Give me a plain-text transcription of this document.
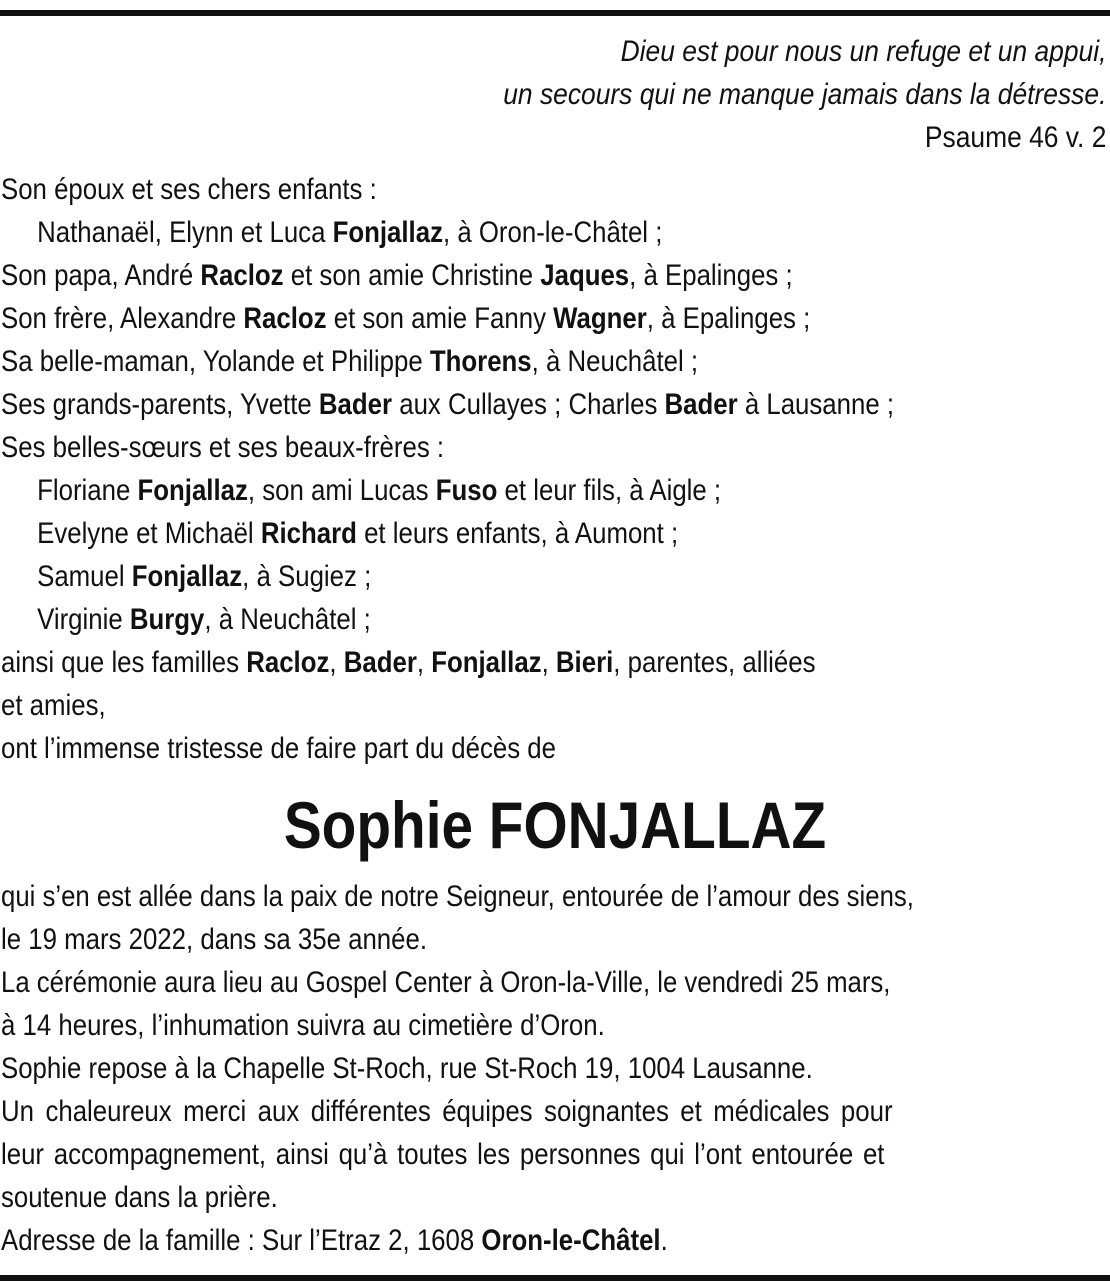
Dieu est pour nous un refuge et un appui,
un secours qui ne manque jamais dans la détresse.
Psaume 46 v. 2
Son époux et ses chers enfants :
Nathanaël, Elynn et Luca Fonjallaz, à Oron-le-Châtel ;
Son papa, André Racloz et son amie Christine Jaques, à Epalinges ;
Son frère, Alexandre Racloz et son amie Fanny Wagner, à Epalinges ;
Sa belle-maman, Yolande et Philippe Thorens, à Neuchâtel ;
Ses grands-parents, Yvette Bader aux Cullayes ; Charles Bader à Lausanne ;
Ses belles-sœurs et ses beaux-frères :
Floriane Fonjallaz, son ami Lucas Fuso et leur fils, à Aigle ;
Evelyne et Michaël Richard et leurs enfants, à Aumont ;
Samuel Fonjallaz, à Sugiez ;
Virginie Burgy, à Neuchâtel ;
ainsi que les familles Racloz, Bader, Fonjallaz, Bieri, parentes, alliées
et amies,
ont l’immense tristesse de faire part du décès de
Sophie FONJALLAZ
qui s’en est allée dans la paix de notre Seigneur, entourée de l’amour des siens,
le 19 mars 2022, dans sa 35e année.
La cérémonie aura lieu au Gospel Center à Oron-la-Ville, le vendredi 25 mars,
à 14 heures, l’inhumation suivra au cimetière d’Oron.
Sophie repose à la Chapelle St-Roch, rue St-Roch 19, 1004 Lausanne.
Un chaleureux merci aux différentes équipes soignantes et médicales pour
leur accompagnement, ainsi qu’à toutes les personnes qui l’ont entourée et
soutenue dans la prière.
Adresse de la famille : Sur l’Etraz 2, 1608 Oron-le-Châtel.
